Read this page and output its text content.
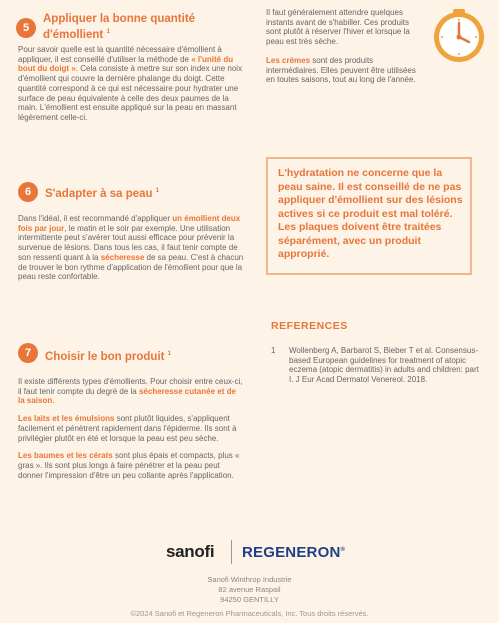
5
Appliquer la bonne quantité
d'émollient $^1$

Pour savoir quelle est la quantité nécessaire d'émollient à appliquer, il est conseillé d'utiliser la méthode de « l'unité du bout du doigt ». Cela consiste à mettre sur son index une noix d'émollient qui couvre la dernière phalange du doigt. Cette quantité correspond à ce qui est nécessaire pour hydrater une surface de peau équivalente à celle des deux paumes de la main. L'émollient est ensuite appliqué sur la peau en massant légèrement celle-ci.

6 S'adapter à sa peau $^1$

Dans l'idéal, il est recommandé d'appliquer un émollient deux fois par jour, le matin et le soir par exemple. Une utilisation intermittente peut s'avérer tout aussi efficace pour prévenir la survenue de lésions. Dans tous les cas, il faut tenir compte de son ressenti quant à la sécheresse de sa peau. C'est à chacun de trouver le bon rythme d'application de l'émollient pour que la peau reste confortable.

7 Choisir le bon produit $^1$

Il existe différents types d'émollients. Pour choisir entre ceux-ci, il faut tenir compte du degré de la sécheresse cutanée et de la saison.

Les laits et les émulsions sont plutôt liquides, s'appliquent facilement et pénètrent rapidement dans l'épiderme. Ils sont à privilégier plutôt en été et lorsque la peau est peu sèche.

Les baumes et les cérats sont plus épais et compacts, plus « gras ». Ils sont plus longs à faire pénétrer et la peau peut donner l'impression d'être un peu collante après l'application.

Il faut généralement attendre quelques instants avant de s'habiller. Ces produits sont plutôt à réserver l'hiver et lorsque la peau est très sèche.

Les crèmes sont des produits intermédiaires. Elles peuvent être utilisées en toutes saisons, tout au long de l'année.

L'hydratation ne concerne que la peau saine. Il est conseillé de ne pas appliquer d'émollient sur des lésions actives si ce produit est mal toléré. Les plaques doivent être traitées séparément, avec un produit approprié.
REFERENCES
1 Wollenberg A, Barbarot S, Bieber T et al. Consensus-based European guidelines for treatment of atopic eczema (atopic dermatitis) in adults and children: part I. J Eur Acad Dermatol Venereol. 2018.
sanofi REGENERON®
Sanofi Winthrop Industrie
82 avenue Raspail
94250 GENTILLY
©2024 Sanofi et Regeneron Pharmaceuticals, Inc. Tous droits réservés.
